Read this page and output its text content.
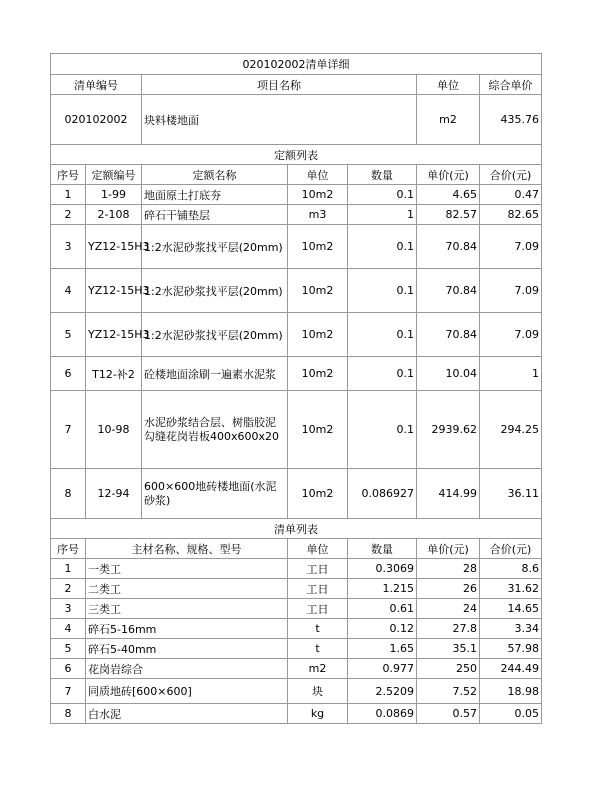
020102002清单详细						
清单编号		项目名称			单位	综合单价
020102002		块料楼地面			m2	435.76
定额列表						
序号	定额编号	定额名称	单位	数量	单价(元)	合价(元)
1	1-99	地面原土打底夯	10m2	0.1	4.65	0.47
2	2-108	碎石干铺垫层	m3	1	82.57	82.65
3	YZ12-15H3	1:2水泥砂浆找平层(20mm)	10m2	0.1	70.84	7.09
4	YZ12-15H3	1:2水泥砂浆找平层(20mm)	10m2	0.1	70.84	7.09
5	YZ12-15H3	1:2水泥砂浆找平层(20mm)	10m2	0.1	70.84	7.09
6	T12-补2	砼楼地面涂刷一遍素水泥浆	10m2	0.1	10.04	1
7	10-98	水泥砂浆结合层、树脂胶泥勾缝花岗岩板400x600x20	10m2	0.1	2939.62	294.25
8	12-94	600×600地砖楼地面(水泥砂浆)	10m2	0.086927	414.99	36.11
清单列表						
序号	主材名称、规格、型号		单位	数量	单价(元)	合价(元)
1	一类工		工日	0.3069	28	8.6
2	二类工		工日	1.215	26	31.62
3	三类工		工日	0.61	24	14.65
4	碎石5-16mm		t	0.12	27.8	3.34
5	碎石5-40mm		t	1.65	35.1	57.98
6	花岗岩综合		m2	0.977	250	244.49
7	同质地砖[600×600]		块	2.5209	7.52	18.98
8	白水泥		kg	0.0869	0.57	0.05
